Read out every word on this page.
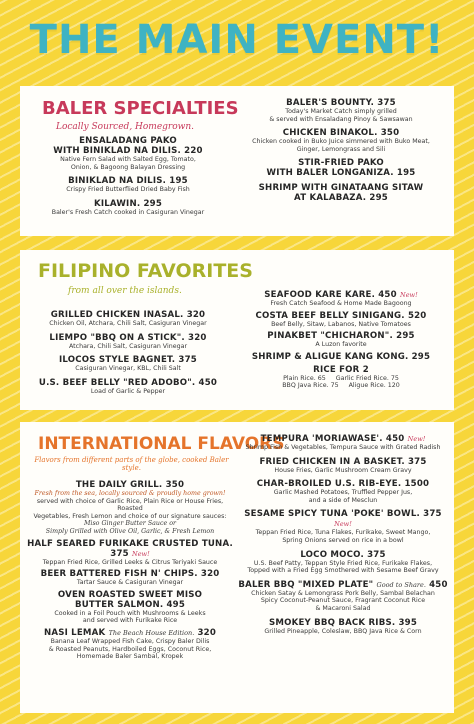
THE MAIN EVENT!
BALER SPECIALTIES
Locally Sourced, Homegrown.
ENSALADANG PAKO
WITH BINIKLAD NA DILIS. 220
Native Fern Salad with Salted Egg, Tomato,
Onion, & Bagoong Balayan Dressing
BINIKLAD NA DILIS. 195
Crispy Fried Butterflied Dried Baby Fish
KILAWIN. 295
Baler's Fresh Catch cooked in Casiguran Vinegar
BALER'S BOUNTY. 375
Today's Market Catch simply grilled
& served with Ensaladang Pinoy & Sawsawan
CHICKEN BINAKOL. 350
Chicken cooked in Buko Juice simmered with Buko Meat,
Ginger, Lemongrass and Sili
STIR-FRIED PAKO
WITH BALER LONGANIZA. 195
SHRIMP WITH GINATAANG SITAW
AT KALABAZA. 295
FILIPINO FAVORITES
from all over the islands.
GRILLED CHICKEN INASAL. 320
Chicken Oil, Atchara, Chili Salt, Casiguran Vinegar
LIEMPO "BBQ ON A STICK". 320
Atchara, Chili Salt, Casiguran Vinegar
ILOCOS STYLE BAGNET. 375
Casiguran Vinegar, KBL, Chili Salt
U.S. BEEF BELLY "RED ADOBO". 450
Load of Garlic & Pepper
SEAFOOD KARE KARE. 450 New!
Fresh Catch Seafood & Home Made Bagoong
COSTA BEEF BELLY SINIGANG. 520
Beef Belly, Sitaw, Labanos, Native Tomatoes
PINAKBET "CHICHARON". 295
A Luzon favorite
SHRIMP & ALIGUE KANG KONG. 295
RICE FOR 2
Plain Rice. 65 Garlic Fried Rice. 75
BBQ Java Rice. 75 Aligue Rice. 120
INTERNATIONAL FLAVORS
Flavors from different parts of the globe, cooked Baler style.
THE DAILY GRILL. 350
Fresh from the sea, locally sourced & proudly home grown!
served with choice of Garlic Rice, Plain Rice or House Fries, Roasted
Vegetables, Fresh Lemon and choice of our signature sauces:
Miso Ginger Butter Sauce or
Simply Grilled with Olive Oil, Garlic, & Fresh Lemon
HALF SEARED FURIKAKE CRUSTED TUNA. 375 New!
Teppan Fried Rice, Grilled Leeks & Citrus Teriyaki Sauce
BEER BATTERED FISH N' CHIPS. 320
Tartar Sauce & Casiguran Vinegar
OVEN ROASTED SWEET MISO
BUTTER SALMON. 495
Cooked in a Foil Pouch with Mushrooms & Leeks
and served with Furikake Rice
NASI LEMAK The Beach House Edition. 320
Banana Leaf Wrapped Fish Cake, Crispy Baler Dilis
& Roasted Peanuts, Hardboiled Eggs, Coconut Rice,
Homemade Baler Sambal, Kropek
TEMPURA 'MORIAWASE'. 450 New!
Shrimp Fish & Vegetables, Tempura Sauce with Grated Radish
FRIED CHICKEN IN A BASKET. 375
House Fries, Garlic Mushroom Cream Gravy
CHAR-BROILED U.S. RIB-EYE. 1500
Garlic Mashed Potatoes, Truffled Pepper Jus,
and a side of Mesclun
SESAME SPICY TUNA 'POKE' BOWL. 375 New!
Teppan Fried Rice, Tuna Flakes, Furikake, Sweet Mango,
Spring Onions served on rice in a bowl
LOCO MOCO. 375
U.S. Beef Patty, Teppan Style Fried Rice, Furikake Flakes,
Topped with a Fried Egg Smothered with Sesame Beef Gravy
BALER BBQ "MIXED PLATE" Good to Share. 450
Chicken Satay & Lemongrass Pork Belly, Sambal Belachan
Spicy Coconut-Peanut Sauce, Fragrant Coconut Rice
& Macaroni Salad
SMOKEY BBQ BACK RIBS. 395
Grilled Pineapple, Coleslaw, BBQ Java Rice & Corn
